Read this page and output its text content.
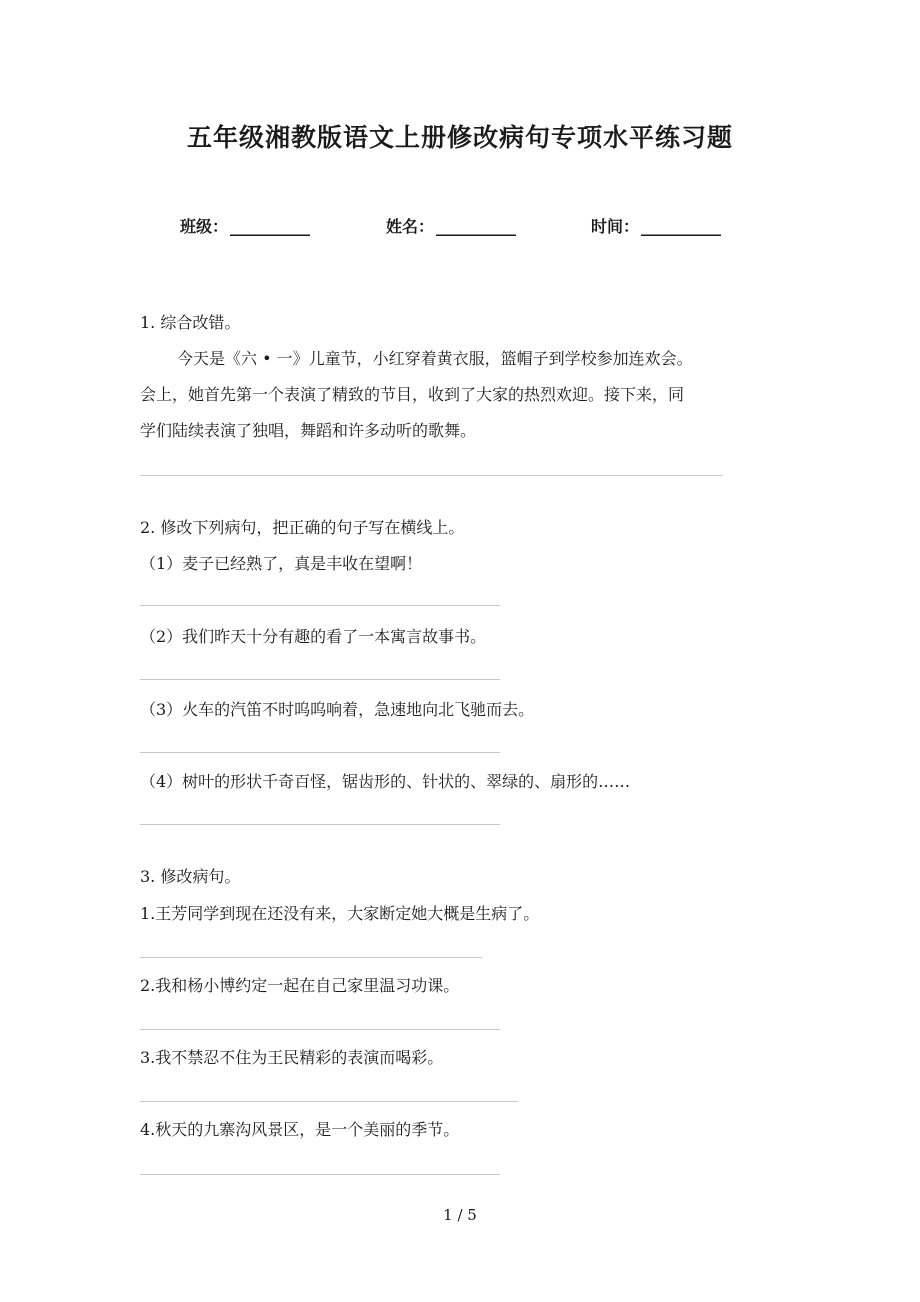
五年级湘教版语文上册修改病句专项水平练习题
班级： __________	姓名： __________	时间： __________
1. 综合改错。
今天是《六 • 一》儿童节，小红穿着黄衣服，篮帽子到学校参加连欢会。
会上，她首先第一个表演了精致的节目，收到了大家的热烈欢迎。接下来，同
学们陆续表演了独唱，舞蹈和许多动听的歌舞。
2. 修改下列病句，把正确的句子写在横线上。
（1）麦子已经熟了，真是丰收在望啊！
（2）我们昨天十分有趣的看了一本寓言故事书。
（3）火车的汽笛不时呜呜响着，急速地向北飞驰而去。
（4）树叶的形状千奇百怪，锯齿形的、针状的、翠绿的、扇形的……
3. 修改病句。
1.王芳同学到现在还没有来，大家断定她大概是生病了。
2.我和杨小博约定一起在自己家里温习功课。
3.我不禁忍不住为王民精彩的表演而喝彩。
4.秋天的九寨沟风景区，是一个美丽的季节。
1 / 5
